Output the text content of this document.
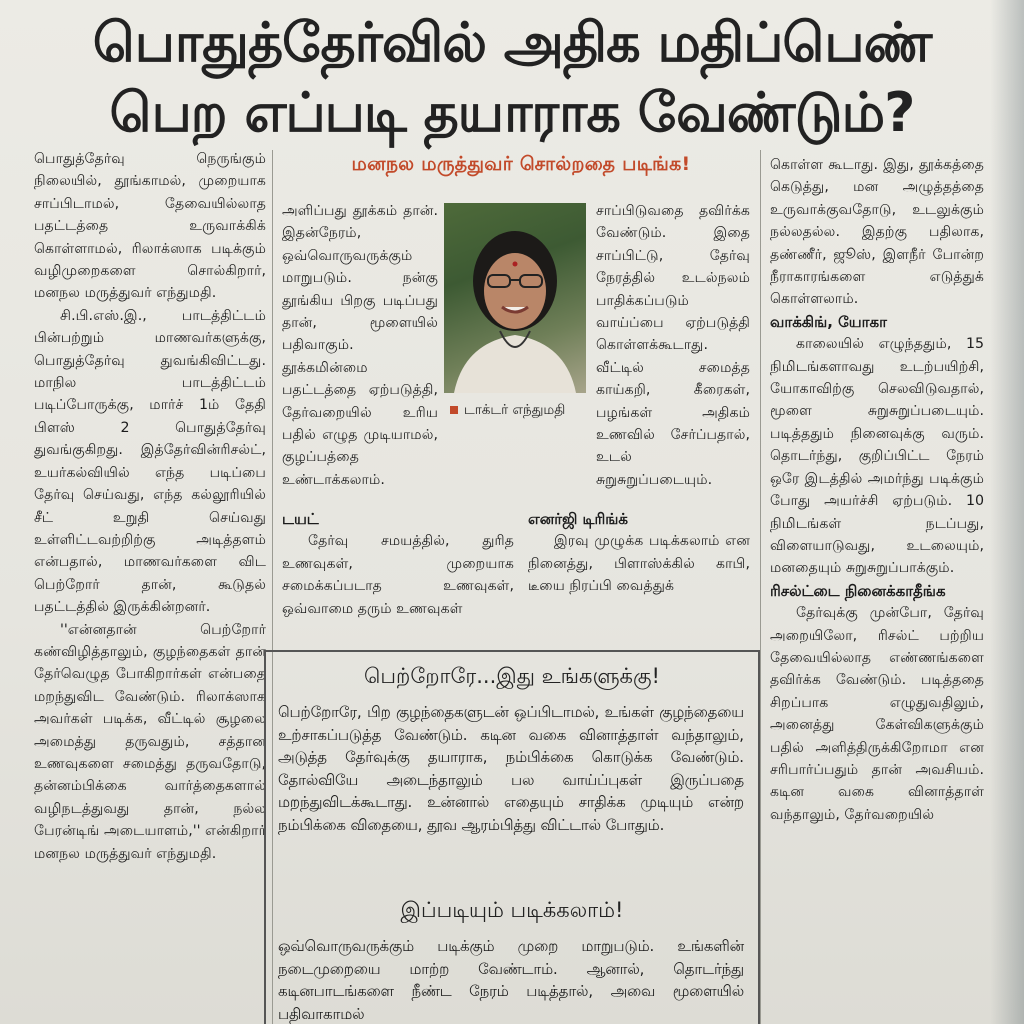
பொதுத்தேர்வில் அதிக மதிப்பெண்
பெற எப்படி தயாராக வேண்டும்?

பொதுத்தேர்வு நெருங்கும் நிலையில், தூங்காமல், முறையாக சாப்பிடாமல், தேவையில்லாத பதட்டத்தை உருவாக்கிக் கொள்ளாமல், ரிலாக்ஸாக படிக்கும் வழிமுறைகளை சொல்கிறார், மனநல மருத்துவர் எந்துமதி.

சி.பி.எஸ்.இ., பாடத்திட்டம் பின்பற்றும் மாணவர்களுக்கு, பொதுத்தேர்வு துவங்கிவிட்டது. மாநில பாடத்திட்டம் படிப்போருக்கு, மார்ச் 1ம் தேதி பிளஸ் 2 பொதுத்தேர்வு துவங்குகிறது. இத்தேர்வின்ரிசல்ட், உயர்கல்வியில் எந்த படிப்பை தேர்வு செய்வது, எந்த கல்லூரியில் சீட் உறுதி செய்வது உள்ளிட்டவற்றிற்கு அடித்தளம் என்பதால், மாணவர்களை விட பெற்றோர் தான், கூடுதல் பதட்டத்தில் இருக்கின்றனர்.

''என்னதான் பெற்றோர் கண்விழித்தாலும், குழந்தைகள் தான் தேர்வெழுத போகிறார்கள் என்பதை மறந்துவிட வேண்டும். ரிலாக்ஸாக அவர்கள் படிக்க, வீட்டில் சூழலை அமைத்து தருவதும், சத்தான உணவுகளை சமைத்து தருவதோடு, தன்னம்பிக்கை வார்த்தைகளால் வழிநடத்துவது தான், நல்ல பேரன்டிங் அடையாளம்,'' என்கிறார் மனநல மருத்துவர் எந்துமதி.

மனநல மருத்துவர் சொல்றதை படிங்க!

அளிப்பது தூக்கம் தான். இதன்நேரம், ஒவ்வொருவருக்கும் மாறுபடும். நன்கு தூங்கிய பிறகு படிப்பது தான், மூளையில் பதிவாகும். தூக்கமின்மை பதட்டத்தை ஏற்படுத்தி, தேர்வறையில் உரிய பதில் எழுத முடியாமல், குழப்பத்தை உண்டாக்கலாம்.

டயட்

தேர்வு சமயத்தில், துரித உணவுகள், முறையாக சமைக்கப்படாத உணவுகள், ஒவ்வாமை தரும் உணவுகள்

டாக்டர் எந்துமதி

சாப்பிடுவதை தவிர்க்க வேண்டும். இதை சாப்பிட்டு, தேர்வு நேரத்தில் உடல்நலம் பாதிக்கப்படும் வாய்ப்பை ஏற்படுத்தி கொள்ளக்கூடாது. வீட்டில் சமைத்த காய்கறி, கீரைகள், பழங்கள் அதிகம் உணவில் சேர்ப்பதால், உடல் சுறுசுறுப்படையும்.

எனர்ஜி டிரிங்க்

இரவு முழுக்க படிக்கலாம் என நினைத்து, பிளாஸ்க்கில் காபி, டீயை நிரப்பி வைத்துக்

கொள்ள கூடாது. இது, தூக்கத்தை கெடுத்து, மன அழுத்தத்தை உருவாக்குவதோடு, உடலுக்கும் நல்லதல்ல. இதற்கு பதிலாக, தண்ணீர், ஜூஸ், இளநீர் போன்ற நீராகாரங்களை எடுத்துக் கொள்ளலாம்.

வாக்கிங், யோகா

காலையில் எழுந்ததும், 15 நிமிடங்களாவது உடற்பயிற்சி, யோகாவிற்கு செலவிடுவதால், மூளை சுறுசுறுப்படையும். படித்ததும் நினைவுக்கு வரும். தொடர்ந்து, குறிப்பிட்ட நேரம் ஒரே இடத்தில் அமர்ந்து படிக்கும் போது அயர்ச்சி ஏற்படும். 10 நிமிடங்கள் நடப்பது, விளையாடுவது, உடலையும், மனதையும் சுறுசுறுப்பாக்கும்.

ரிசல்ட்டை நினைக்காதீங்க

தேர்வுக்கு முன்போ, தேர்வு அறையிலோ, ரிசல்ட் பற்றிய தேவையில்லாத எண்ணங்களை தவிர்க்க வேண்டும். படித்ததை சிறப்பாக எழுதுவதிலும், அனைத்து கேள்விகளுக்கும் பதில் அளித்திருக்கிறோமா என சரிபார்ப்பதும் தான் அவசியம். கடின வகை வினாத்தாள் வந்தாலும், தேர்வறையில்

பெற்றோரே...இது உங்களுக்கு!

பெற்றோரே, பிற குழந்தைகளுடன் ஒப்பிடாமல், உங்கள் குழந்தையை உற்சாகப்படுத்த வேண்டும். கடின வகை வினாத்தாள் வந்தாலும், அடுத்த தேர்வுக்கு தயாராக, நம்பிக்கை கொடுக்க வேண்டும். தோல்வியே அடைந்தாலும் பல வாய்ப்புகள் இருப்பதை மறந்துவிடக்கூடாது. உன்னால் எதையும் சாதிக்க முடியும் என்ற நம்பிக்கை விதையை, தூவ ஆரம்பித்து விட்டால் போதும்.

இப்படியும் படிக்கலாம்!

ஒவ்வொருவருக்கும் படிக்கும் முறை மாறுபடும். உங்களின் நடைமுறையை மாற்ற வேண்டாம். ஆனால், தொடர்ந்து கடினபாடங்களை நீண்ட நேரம் படித்தால், அவை மூளையில் பதிவாகாமல்
